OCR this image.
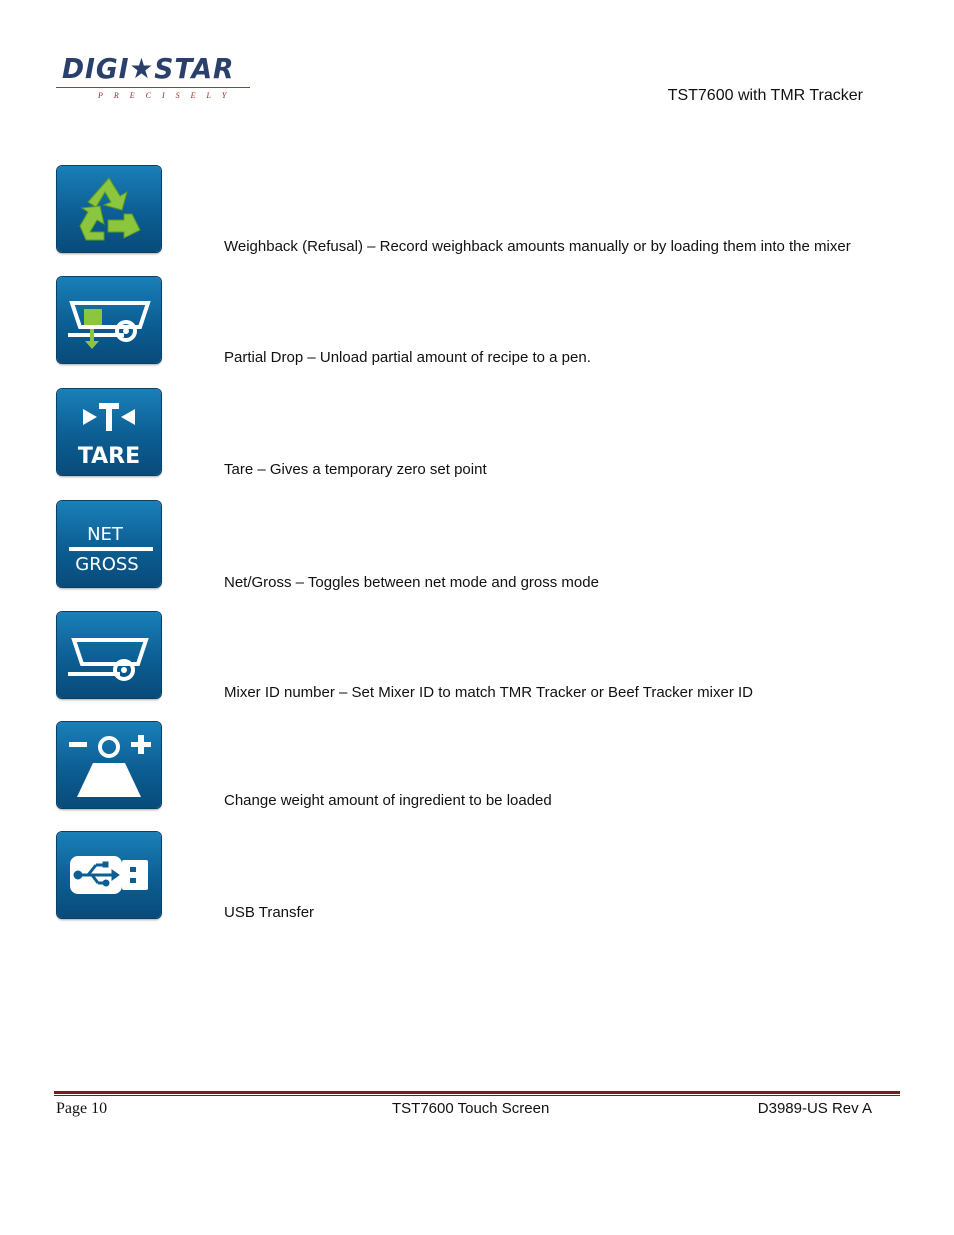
DIGI★STAR
PRECISELY	TST7600 with TMR Tracker
Weighback (Refusal) – Record weighback amounts manually or by loading them into the mixer
Partial Drop – Unload partial amount of recipe to a pen.
TARE
Tare – Gives a temporary zero set point
NET
GROSS
Net/Gross – Toggles between net mode and gross mode
Mixer ID number – Set Mixer ID to match TMR Tracker or Beef Tracker mixer ID
Change weight amount of ingredient to be loaded
USB Transfer
Page 10	TST7600 Touch Screen	D3989-US Rev A
